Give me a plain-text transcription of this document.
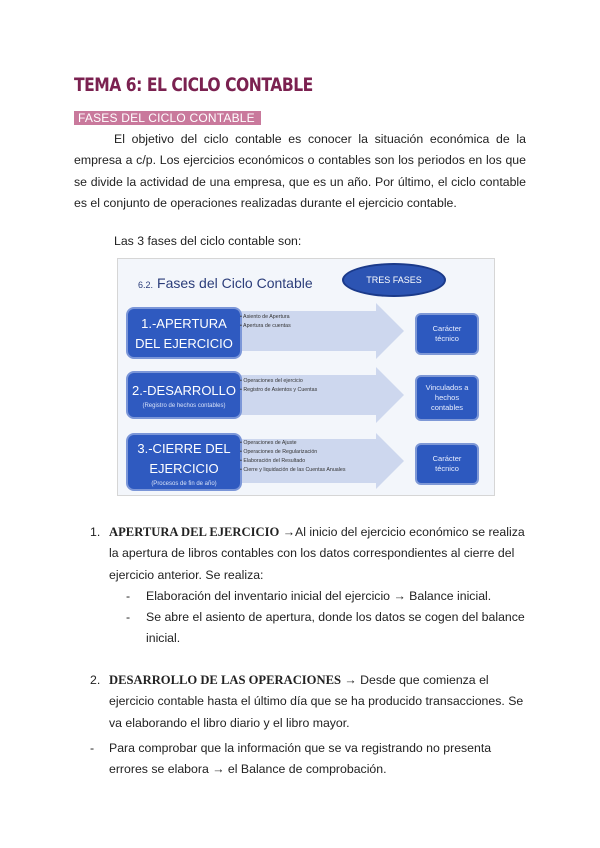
TEMA 6: EL CICLO CONTABLE
FASES DEL CICLO CONTABLE

El objetivo del ciclo contable es conocer la situación económica de la empresa a c/p. Los ejercicios económicos o contables son los periodos en los que se divide la actividad de una empresa, que es un año. Por último, el ciclo contable es el conjunto de operaciones realizadas durante el ejercicio contable.

Las 3 fases del ciclo contable son:
6.2. Fases del Ciclo Contable	TRES FASES
1.-APERTURA
DEL EJERCICIO
• Asiento de Apertura
• Apertura de cuentas	Carácter
técnico
2.-DESARROLLO
(Registro de hechos contables)
• Operaciones del ejercicio
• Registro de Asientos y Cuentas	Vinculados a
hechos
contables
3.-CIERRE DEL
EJERCICIO
(Procesos de fin de año)
• Operaciones de Ajuste
• Operaciones de Regularización
• Elaboración del Resultado
• Cierre y liquidación de las Cuentas Anuales
Carácter
técnico
1. APERTURA DEL EJERCICIO →Al inicio del ejercicio económico se realiza la apertura de libros contables con los datos correspondientes al cierre del ejercicio anterior. Se realiza:
- Elaboración del inventario inicial del ejercicio → Balance inicial.
- Se abre el asiento de apertura, donde los datos se cogen del balance inicial.
2. DESARROLLO DE LAS OPERACIONES → Desde que comienza el ejercicio contable hasta el último día que se ha producido transacciones. Se va elaborando el libro diario y el libro mayor.
- Para comprobar que la información que se va registrando no presenta errores se elabora → el Balance de comprobación.
